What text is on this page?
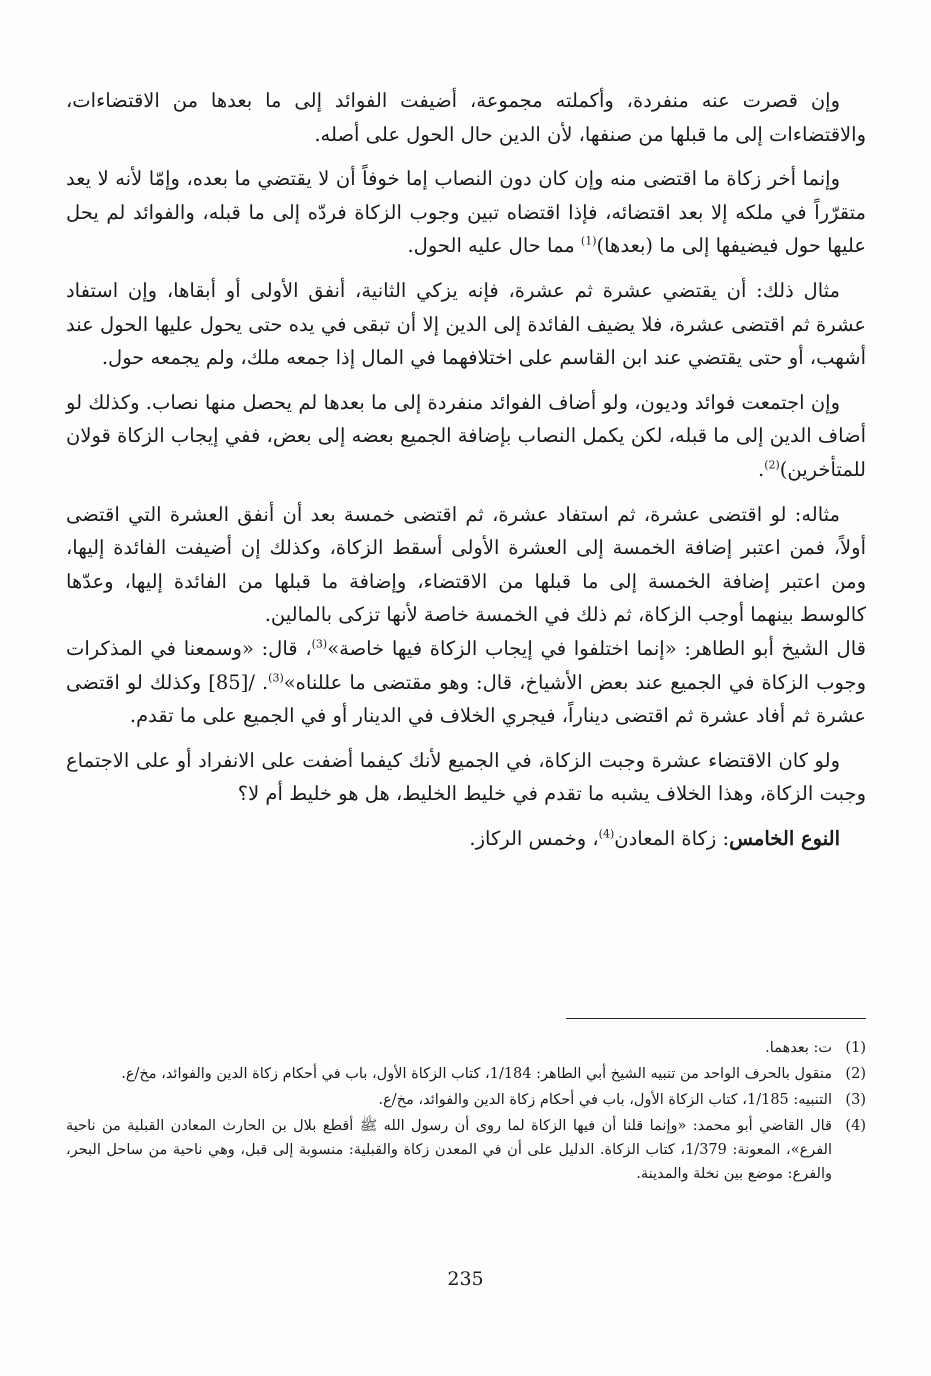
وإن قصرت عنه منفردة، وأكملته مجموعة، أضيفت الفوائد إلى ما بعدها من الاقتضاءات، والاقتضاءات إلى ما قبلها من صنفها، لأن الدين حال الحول على أصله.

وإنما أخر زكاة ما اقتضى منه وإن كان دون النصاب إما خوفاً أن لا يقتضي ما بعده، وإمّا لأنه لا يعد متقرّراً في ملكه إلا بعد اقتضائه، فإذا اقتضاه تبين وجوب الزكاة فردّه إلى ما قبله، والفوائد لم يحل عليها حول فيضيفها إلى ما (بعدها)$^{(1)}$ مما حال عليه الحول.

مثال ذلك: أن يقتضي عشرة ثم عشرة، فإنه يزكي الثانية، أنفق الأولى أو أبقاها، وإن استفاد عشرة ثم اقتضى عشرة، فلا يضيف الفائدة إلى الدين إلا أن تبقى في يده حتى يحول عليها الحول عند أشهب، أو حتى يقتضي عند ابن القاسم على اختلافهما في المال إذا جمعه ملك، ولم يجمعه حول.

وإن اجتمعت فوائد وديون، ولو أضاف الفوائد منفردة إلى ما بعدها لم يحصل منها نصاب. وكذلك لو أضاف الدين إلى ما قبله، لكن يكمل النصاب بإضافة الجميع بعضه إلى بعض، ففي إيجاب الزكاة قولان للمتأخرين)$^{(2)}$.

مثاله: لو اقتضى عشرة، ثم استفاد عشرة، ثم اقتضى خمسة بعد أن أنفق العشرة التي اقتضى أولاً، فمن اعتبر إضافة الخمسة إلى العشرة الأولى أسقط الزكاة، وكذلك إن أضيفت الفائدة إليها، ومن اعتبر إضافة الخمسة إلى ما قبلها من الاقتضاء، وإضافة ما قبلها من الفائدة إليها، وعدّها كالوسط بينهما أوجب الزكاة، ثم ذلك في الخمسة خاصة لأنها تزكى بالمالين.

قال الشيخ أبو الطاهر: «إنما اختلفوا في إيجاب الزكاة فيها خاصة»$^{(3)}$، قال: «وسمعنا في المذكرات وجوب الزكاة في الجميع عند بعض الأشياخ، قال: وهو مقتضى ما عللناه»$^{(3)}$. /[85] وكذلك لو اقتضى عشرة ثم أفاد عشرة ثم اقتضى ديناراً، فيجري الخلاف في الدينار أو في الجميع على ما تقدم.

ولو كان الاقتضاء عشرة وجبت الزكاة، في الجميع لأنك كيفما أضفت على الانفراد أو على الاجتماع وجبت الزكاة، وهذا الخلاف يشبه ما تقدم في خليط الخليط، هل هو خليط أم لا؟

النوع الخامس: زكاة المعادن$^{(4)}$، وخمس الركاز.

(1)
ت: بعدهما.
(2)
منقول بالحرف الواحد من تنبيه الشيخ أبي الطاهر: 1/184، كتاب الزكاة الأول، باب في أحكام زكاة الدين والفوائد، مخ/ع.
(3)
التنبيه: 1/185، كتاب الزكاة الأول، باب في أحكام زكاة الدين والفوائد، مخ/ع.
(4)
قال القاضي أبو محمد: «وإنما قلنا أن فيها الزكاة لما روى أن رسول الله ﷺ أقطع بلال بن الحارث المعادن القبلية من ناحية الفرع»، المعونة: 1/379، كتاب الزكاة. الدليل على أن في المعدن زكاة والقبلية: منسوبة إلى قبل، وهي ناحية من ساحل البحر، والفرع: موضع بين نخلة والمدينة.
235
